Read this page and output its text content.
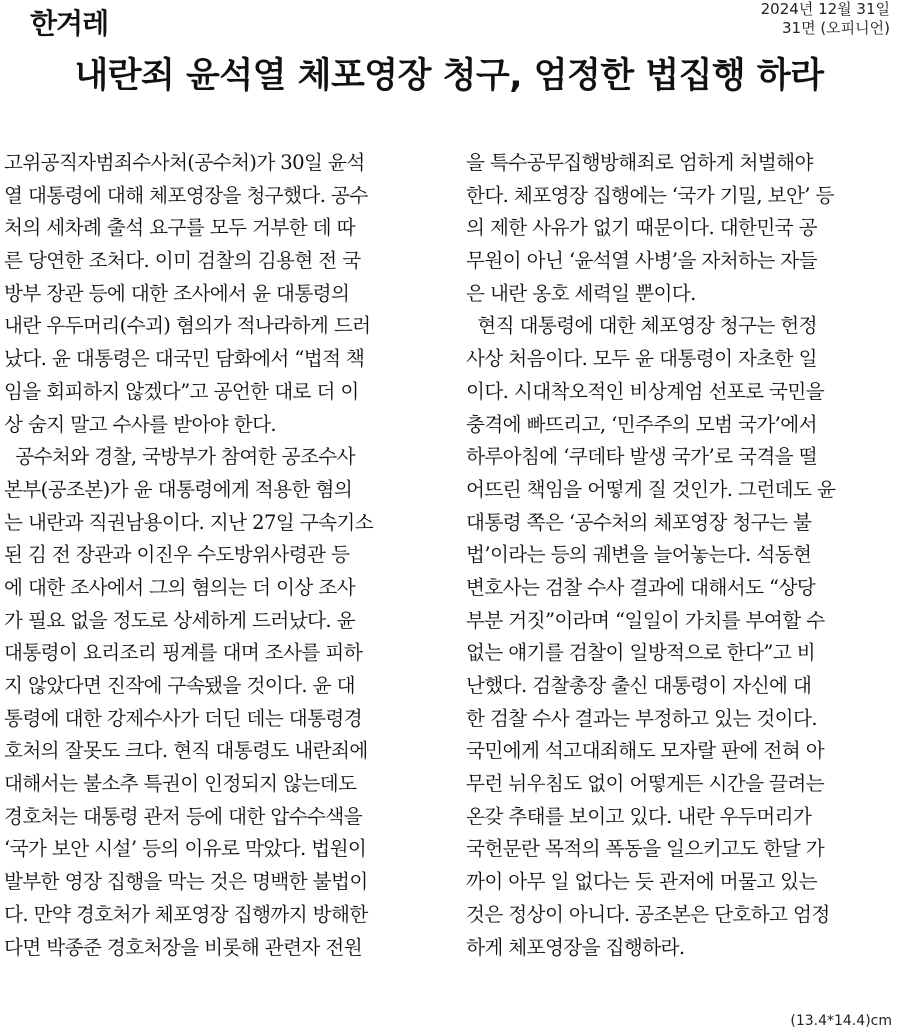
한겨레	2024년 12월 31일
31면 (오피니언)
내란죄 윤석열 체포영장 청구, 엄정한 법집행 하라
고위공직자범죄수사처(공수처)가 30일 윤석
열 대통령에 대해 체포영장을 청구했다. 공수
처의 세차례 출석 요구를 모두 거부한 데 따
른 당연한 조처다. 이미 검찰의 김용현 전 국
방부 장관 등에 대한 조사에서 윤 대통령의
내란 우두머리(수괴) 혐의가 적나라하게 드러
났다. 윤 대통령은 대국민 담화에서 “법적 책
임을 회피하지 않겠다”고 공언한 대로 더 이
상 숨지 말고 수사를 받아야 한다.
공수처와 경찰, 국방부가 참여한 공조수사
본부(공조본)가 윤 대통령에게 적용한 혐의
는 내란과 직권남용이다. 지난 27일 구속기소
된 김 전 장관과 이진우 수도방위사령관 등
에 대한 조사에서 그의 혐의는 더 이상 조사
가 필요 없을 정도로 상세하게 드러났다. 윤
대통령이 요리조리 핑계를 대며 조사를 피하
지 않았다면 진작에 구속됐을 것이다. 윤 대
통령에 대한 강제수사가 더딘 데는 대통령경
호처의 잘못도 크다. 현직 대통령도 내란죄에
대해서는 불소추 특권이 인정되지 않는데도
경호처는 대통령 관저 등에 대한 압수수색을
‘국가 보안 시설’ 등의 이유로 막았다. 법원이
발부한 영장 집행을 막는 것은 명백한 불법이
다. 만약 경호처가 체포영장 집행까지 방해한
다면 박종준 경호처장을 비롯해 관련자 전원
을 특수공무집행방해죄로 엄하게 처벌해야
한다. 체포영장 집행에는 ‘국가 기밀, 보안’ 등
의 제한 사유가 없기 때문이다. 대한민국 공
무원이 아닌 ‘윤석열 사병’을 자처하는 자들
은 내란 옹호 세력일 뿐이다.
현직 대통령에 대한 체포영장 청구는 헌정
사상 처음이다. 모두 윤 대통령이 자초한 일
이다. 시대착오적인 비상계엄 선포로 국민을
충격에 빠뜨리고, ‘민주주의 모범 국가’에서
하루아침에 ‘쿠데타 발생 국가’로 국격을 떨
어뜨린 책임을 어떻게 질 것인가. 그런데도 윤
대통령 쪽은 ‘공수처의 체포영장 청구는 불
법’이라는 등의 궤변을 늘어놓는다. 석동현
변호사는 검찰 수사 결과에 대해서도 “상당
부분 거짓”이라며 “일일이 가치를 부여할 수
없는 얘기를 검찰이 일방적으로 한다”고 비
난했다. 검찰총장 출신 대통령이 자신에 대
한 검찰 수사 결과는 부정하고 있는 것이다.
국민에게 석고대죄해도 모자랄 판에 전혀 아
무런 뉘우침도 없이 어떻게든 시간을 끌려는
온갖 추태를 보이고 있다. 내란 우두머리가
국헌문란 목적의 폭동을 일으키고도 한달 가
까이 아무 일 없다는 듯 관저에 머물고 있는
것은 정상이 아니다. 공조본은 단호하고 엄정
하게 체포영장을 집행하라.
(13.4*14.4)cm
